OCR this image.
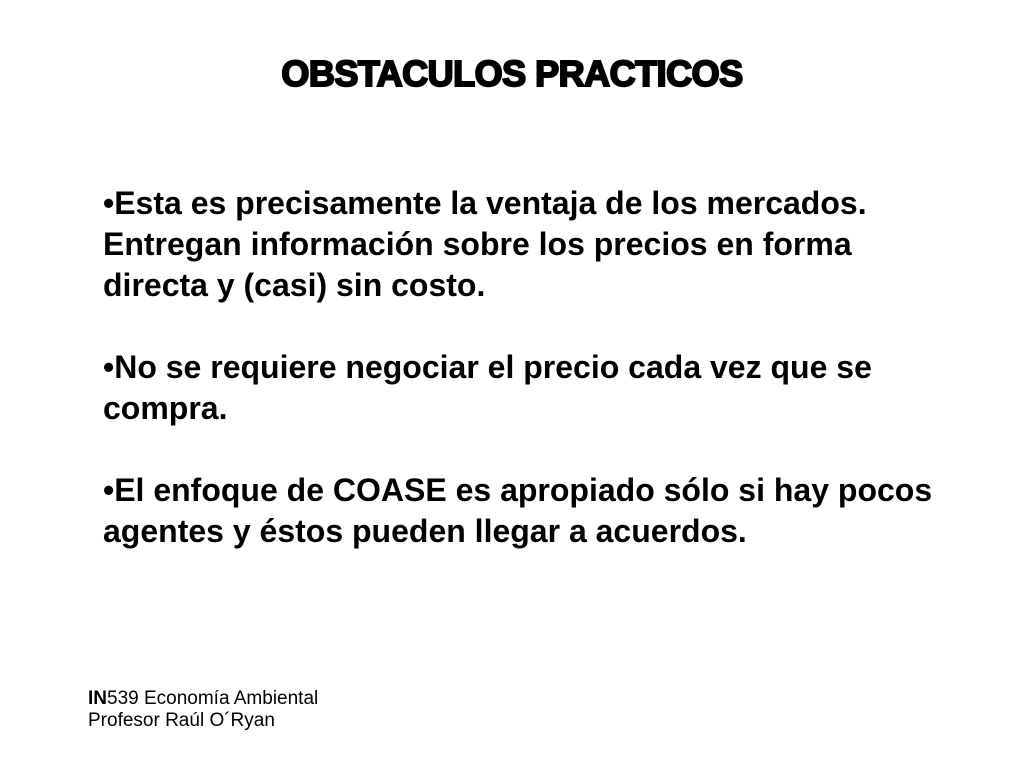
OBSTACULOS PRACTICOS
•Esta es precisamente la ventaja de los mercados. Entregan información sobre los precios en forma directa y (casi) sin costo.
•No se requiere negociar el precio cada vez que se compra.
•El enfoque de COASE es apropiado sólo si hay pocos agentes y éstos pueden llegar a acuerdos.
IN539 Economía Ambiental
Profesor Raúl O´Ryan
